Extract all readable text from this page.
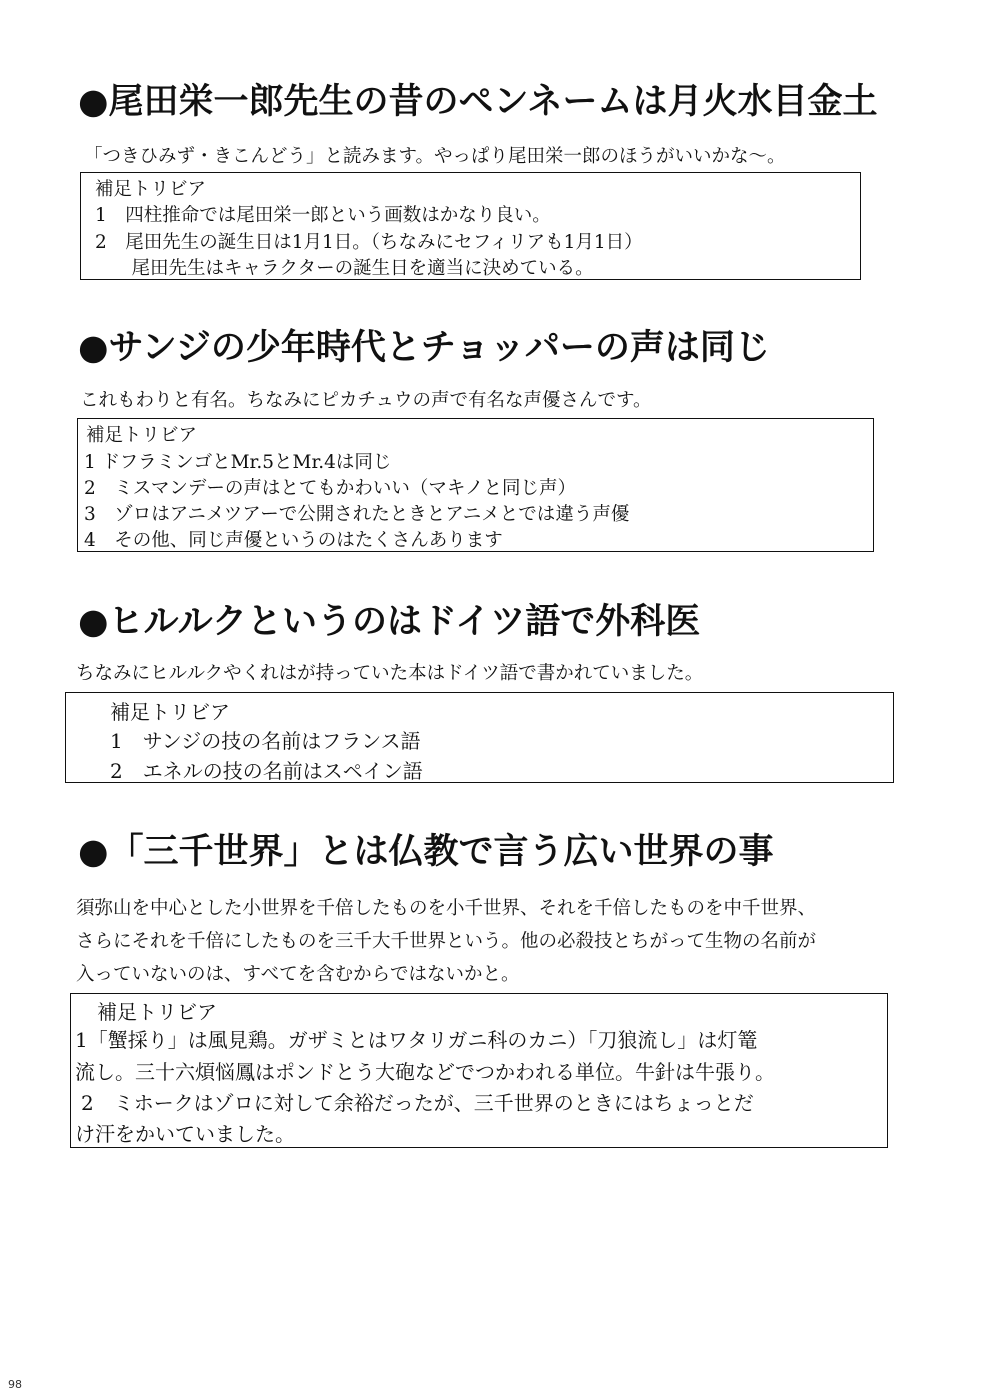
●尾田栄一郎先生の昔のペンネームは月火水目金土

「つきひみず・きこんどう」と読みます。やっぱり尾田栄一郎のほうがいいかな～。

補足トリビア
1　四柱推命では尾田栄一郎という画数はかなり良い。
2　尾田先生の誕生日は1月1日。（ちなみにセフィリアも1月1日）
　尾田先生はキャラクターの誕生日を適当に決めている。
●サンジの少年時代とチョッパーの声は同じ

これもわりと有名。ちなみにピカチュウの声で有名な声優さんです。

補足トリビア
1 ドフラミンゴとMr.5とMr.4は同じ
2　ミスマンデーの声はとてもかわいい（マキノと同じ声）
3　ゾロはアニメツアーで公開されたときとアニメとでは違う声優
4　その他、同じ声優というのはたくさんあります
●ヒルルクというのはドイツ語で外科医

ちなみにヒルルクやくれはが持っていた本はドイツ語で書かれていました。

補足トリビア
1　サンジの技の名前はフランス語
2　エネルの技の名前はスペイン語
●「三千世界」とは仏教で言う広い世界の事

須弥山を中心とした小世界を千倍したものを小千世界、それを千倍したものを中千世界、

さらにそれを千倍にしたものを三千大千世界という。他の必殺技とちがって生物の名前が

入っていないのは、すべてを含むからではないかと。

補足トリビア
1「蟹採り」は風見鶏。ガザミとはワタリガニ科のカニ）「刀狼流し」は灯篭
流し。三十六煩悩鳳はポンドとう大砲などでつかわれる単位。牛針は牛張り。
2　ミホークはゾロに対して余裕だったが、三千世界のときにはちょっとだ
け汗をかいていました。
98
